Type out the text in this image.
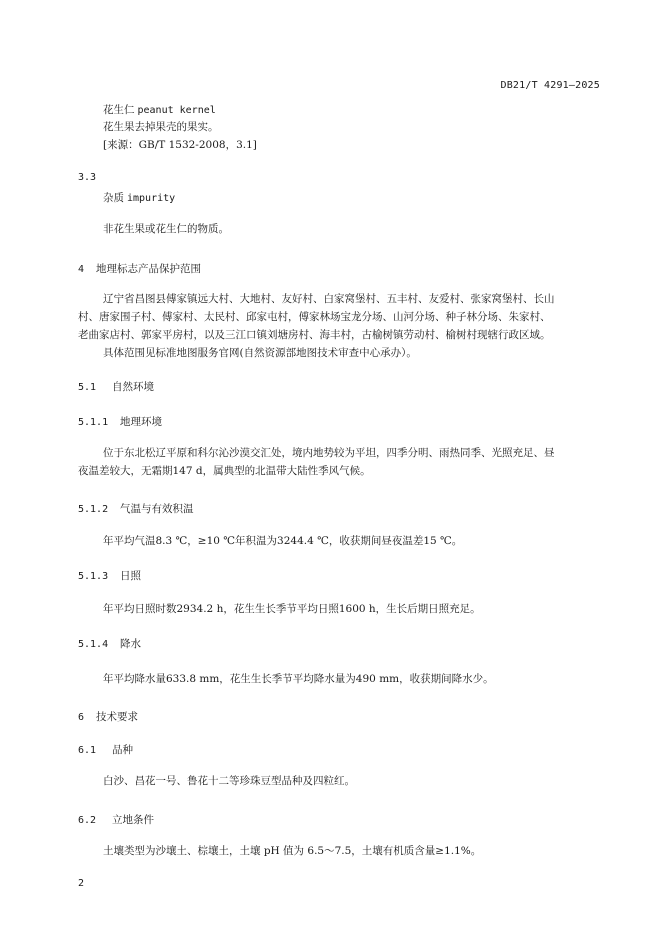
DB21/T 4291—2025
花生仁 peanut kernel
花生果去掉果壳的果实。
[来源：GB/T 1532-2008，3.1]
3.3
杂质 impurity
非花生果或花生仁的物质。
4 地理标志产品保护范围
辽宁省昌图县傅家镇远大村、大地村、友好村、白家窝堡村、五丰村、友爱村、张家窝堡村、长山
村、唐家围子村、傅家村、太民村、邱家屯村，傅家林场宝龙分场、山河分场、种子林分场、朱家村、
老曲家店村、郭家平房村，以及三江口镇刘塘房村、海丰村，古榆树镇劳动村、榆树村现辖行政区域。
具体范围见标准地图服务官网(自然资源部地图技术审查中心承办）。
5.1 自然环境
5.1.1 地理环境
位于东北松辽平原和科尔沁沙漠交汇处，境内地势较为平坦，四季分明、雨热同季、光照充足、昼
夜温差较大，无霜期147 d，属典型的北温带大陆性季风气候。
5.1.2 气温与有效积温
年平均气温8.3 ℃，≥10 ℃年积温为3244.4 ℃，收获期间昼夜温差15 ℃。
5.1.3 日照
年平均日照时数2934.2 h，花生生长季节平均日照1600 h，生长后期日照充足。
5.1.4 降水
年平均降水量633.8 mm，花生生长季节平均降水量为490 mm，收获期间降水少。
6 技术要求
6.1 品种
白沙、昌花一号、鲁花十二等珍珠豆型品种及四粒红。
6.2 立地条件
土壤类型为沙壤土、棕壤土，土壤 pH 值为 6.5～7.5，土壤有机质含量≥1.1%。
2
